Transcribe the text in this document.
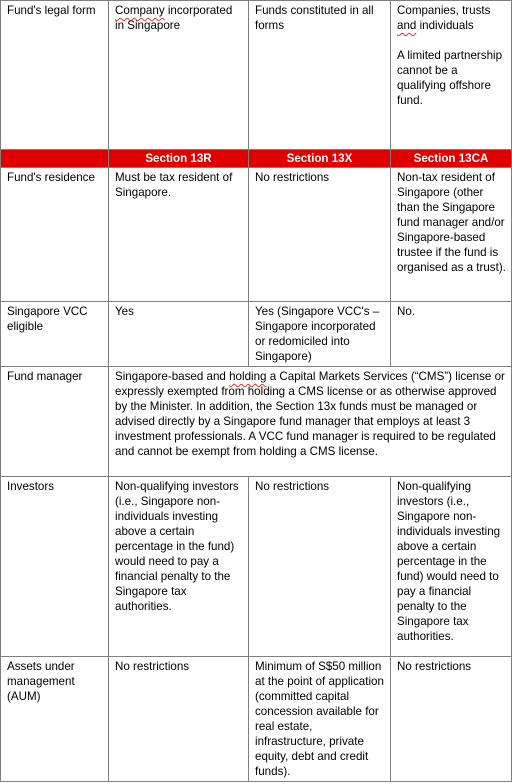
Fund's legal form	Company incorporated in Singapore	Funds constituted in all forms	Companies, trusts and individuals
A limited partnership cannot be a qualifying offshore fund.
	Section 13R	Section 13X	Section 13CA
Fund's residence	Must be tax resident of Singapore.	No restrictions	Non-tax resident of Singapore (other than the Singapore fund manager and/or Singapore-based trustee if the fund is organised as a trust).
Singapore VCC eligible	Yes	Yes (Singapore VCC's – Singapore incorporated or redomiciled into Singapore)	No.
Fund manager	Singapore-based and holding a Capital Markets Services (“CMS”) license or expressly exempted from holding a CMS license or as otherwise approved by the Minister. In addition, the Section 13x funds must be managed or advised directly by a Singapore fund manager that employs at least 3 investment professionals. A VCC fund manager is required to be regulated and cannot be exempt from holding a CMS license.		
Investors	Non-qualifying investors (i.e., Singapore non-individuals investing above a certain percentage in the fund) would need to pay a financial penalty to the Singapore tax authorities.	No restrictions	Non-qualifying investors (i.e., Singapore non-individuals investing above a certain percentage in the fund) would need to pay a financial penalty to the Singapore tax authorities.
Assets under management (AUM)	No restrictions	Minimum of S$50 million at the point of application (committed capital concession available for real estate, infrastructure, private equity, debt and credit funds).	No restrictions
